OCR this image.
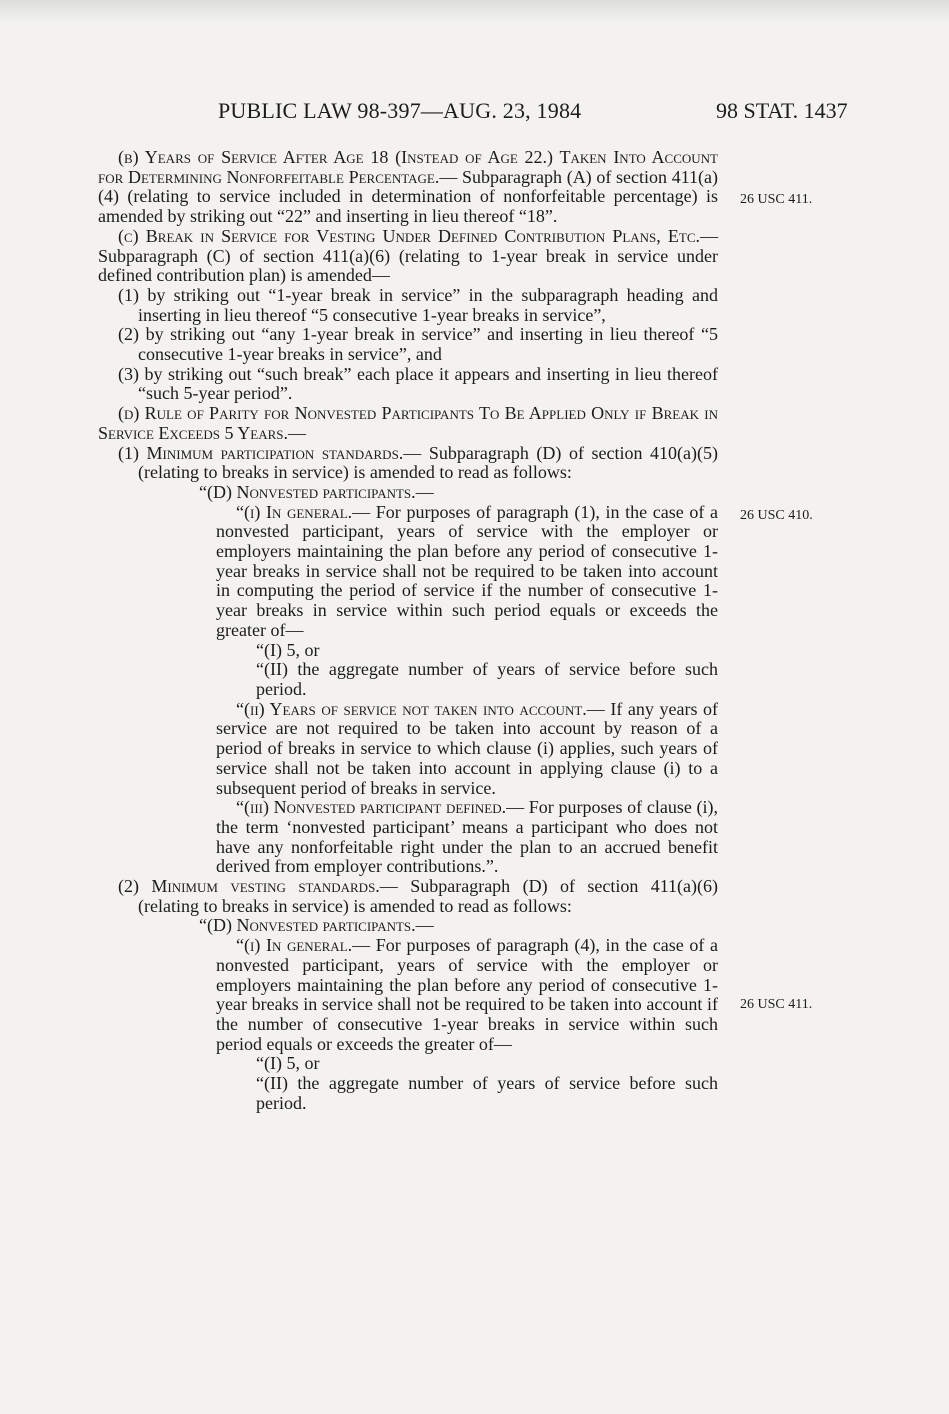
PUBLIC LAW 98-397—AUG. 23, 1984	98 STAT. 1437
26 USC 411.
26 USC 410.
26 USC 411.

(b) Years of Service After Age 18 (Instead of Age 22.) Taken Into Account for Determining Nonforfeitable Percentage.— Subparagraph (A) of section 411(a)(4) (relating to service included in determination of nonforfeitable percentage) is amended by striking out “22” and inserting in lieu thereof “18”.

(c) Break in Service for Vesting Under Defined Contribution Plans, Etc.— Subparagraph (C) of section 411(a)(6) (relating to 1-year break in service under defined contribution plan) is amended—

(1) by striking out “1-year break in service” in the subparagraph heading and inserting in lieu thereof “5 consecutive 1-year breaks in service”,

(2) by striking out “any 1-year break in service” and inserting in lieu thereof “5 consecutive 1-year breaks in service”, and

(3) by striking out “such break” each place it appears and inserting in lieu thereof “such 5-year period”.

(d) Rule of Parity for Nonvested Participants To Be Applied Only if Break in Service Exceeds 5 Years.—

(1) Minimum participation standards.— Subparagraph (D) of section 410(a)(5) (relating to breaks in service) is amended to read as follows:

“(D) Nonvested participants.—

“(i) In general.— For purposes of paragraph (1), in the case of a nonvested participant, years of service with the employer or employers maintaining the plan before any period of consecutive 1-year breaks in service shall not be required to be taken into account in computing the period of service if the number of consecutive 1-year breaks in service within such period equals or exceeds the greater of—

“(I) 5, or

“(II) the aggregate number of years of service before such period.

“(ii) Years of service not taken into account.— If any years of service are not required to be taken into account by reason of a period of breaks in service to which clause (i) applies, such years of service shall not be taken into account in applying clause (i) to a subsequent period of breaks in service.

“(iii) Nonvested participant defined.— For purposes of clause (i), the term ‘nonvested participant’ means a participant who does not have any nonforfeitable right under the plan to an accrued benefit derived from employer contributions.”.

(2) Minimum vesting standards.— Subparagraph (D) of section 411(a)(6) (relating to breaks in service) is amended to read as follows:

“(D) Nonvested participants.—

“(i) In general.— For purposes of paragraph (4), in the case of a nonvested participant, years of service with the employer or employers maintaining the plan before any period of consecutive 1-year breaks in service shall not be required to be taken into account if the number of consecutive 1-year breaks in service within such period equals or exceeds the greater of—

“(I) 5, or

“(II) the aggregate number of years of service before such period.
